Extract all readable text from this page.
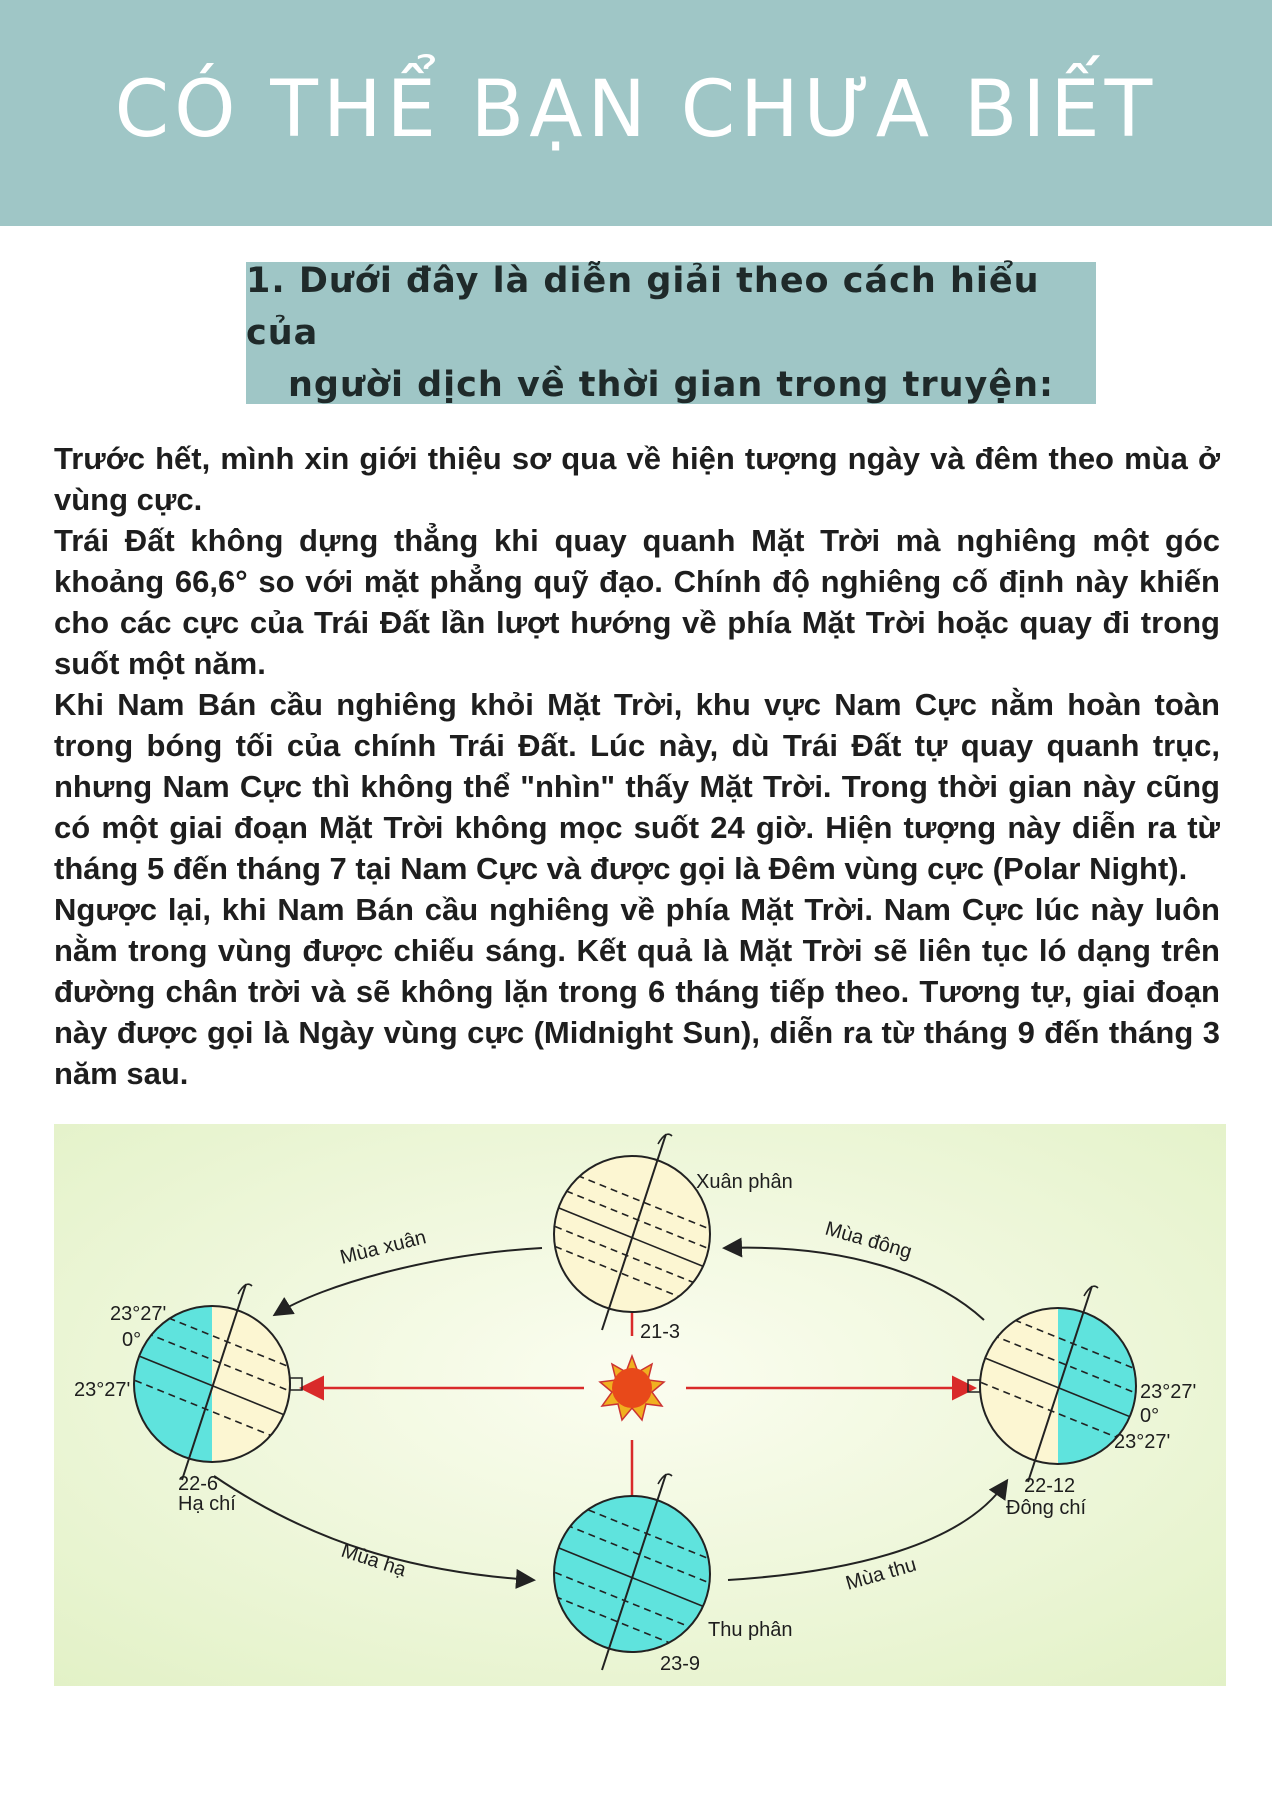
CÓ THỂ BẠN CHƯA BIẾT
1. Dưới đây là diễn giải theo cách hiểu của
người dịch về thời gian trong truyện:

Trước hết, mình xin giới thiệu sơ qua về hiện tượng ngày và đêm theo mùa ở vùng cực.

Trái Đất không dựng thẳng khi quay quanh Mặt Trời mà nghiêng một góc khoảng 66,6° so với mặt phẳng quỹ đạo. Chính độ nghiêng cố định này khiến cho các cực của Trái Đất lần lượt hướng về phía Mặt Trời hoặc quay đi trong suốt một năm.

Khi Nam Bán cầu nghiêng khỏi Mặt Trời, khu vực Nam Cực nằm hoàn toàn trong bóng tối của chính Trái Đất. Lúc này, dù Trái Đất tự quay quanh trục, nhưng Nam Cực thì không thể "nhìn" thấy Mặt Trời. Trong thời gian này cũng có một giai đoạn Mặt Trời không mọc suốt 24 giờ. Hiện tượng này diễn ra từ tháng 5 đến tháng 7 tại Nam Cực và được gọi là Đêm vùng cực (Polar Night).

Ngược lại, khi Nam Bán cầu nghiêng về phía Mặt Trời. Nam Cực lúc này luôn nằm trong vùng được chiếu sáng. Kết quả là Mặt Trời sẽ liên tục ló dạng trên đường chân trời và sẽ không lặn trong 6 tháng tiếp theo. Tương tự, giai đoạn này được gọi là Ngày vùng cực (Midnight Sun), diễn ra từ tháng 9 đến tháng 3 năm sau.

Xuân phân
21-3
22-6
Hạ chí
22-12
Đông chí
Thu phân
23-9
Mùa xuân	Mùa đông
Mùa hạ	Mùa thu
23°27'
0°
23°27'	23°27'
0°
23°27'
